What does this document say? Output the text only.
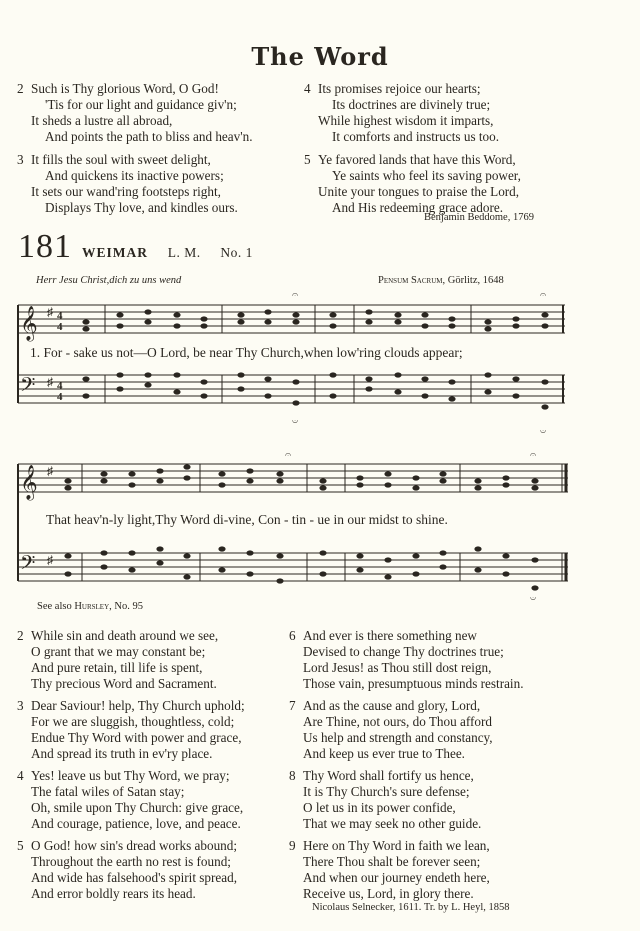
The Word
2 Such is Thy glorious Word, O God!
'Tis for our light and guidance giv'n;
It sheds a lustre all abroad,
And points the path to bliss and heav'n.
3 It fills the soul with sweet delight,
And quickens its inactive powers;
It sets our wand'ring footsteps right,
Displays Thy love, and kindles ours.
4 Its promises rejoice our hearts;
Its doctrines are divinely true;
While highest wisdom it imparts,
It comforts and instructs us too.
5 Ye favored lands that have this Word,
Ye saints who feel its saving power,
Unite your tongues to praise the Lord,
And His redeeming grace adore.
Benjamin Beddome, 1769
181 WEIMAR L. M. No. 1
Herr Jesu Christ,dich zu uns wend	Pensum Sacrum, Görlitz, 1648
𝄞
𝄢
♯ 4
4
♯ 4
4
𝄐	𝄐
𝄑
𝄑
1. For - sake us not—O Lord, be near Thy Church,when low'ring clouds appear;
𝄞
𝄢
♯
♯
𝄐	𝄐
𝄑
That heav'n-ly light,Thy Word di-vine, Con - tin - ue in our midst to shine.
See also Hursley, No. 95
2 While sin and death around we see,
O grant that we may constant be;
And pure retain, till life is spent,
Thy precious Word and Sacrament.
3 Dear Saviour! help, Thy Church uphold;
For we are sluggish, thoughtless, cold;
Endue Thy Word with power and grace,
And spread its truth in ev'ry place.
4 Yes! leave us but Thy Word, we pray;
The fatal wiles of Satan stay;
Oh, smile upon Thy Church: give grace,
And courage, patience, love, and peace.
5 O God! how sin's dread works abound;
Throughout the earth no rest is found;
And wide has falsehood's spirit spread,
And error boldly rears its head.
6 And ever is there something new
Devised to change Thy doctrines true;
Lord Jesus! as Thou still dost reign,
Those vain, presumptuous minds restrain.
7 And as the cause and glory, Lord,
Are Thine, not ours, do Thou afford
Us help and strength and constancy,
And keep us ever true to Thee.
8 Thy Word shall fortify us hence,
It is Thy Church's sure defense;
O let us in its power confide,
That we may seek no other guide.
9 Here on Thy Word in faith we lean,
There Thou shalt be forever seen;
And when our journey endeth here,
Receive us, Lord, in glory there.
Nicolaus Selnecker, 1611. Tr. by L. Heyl, 1858
